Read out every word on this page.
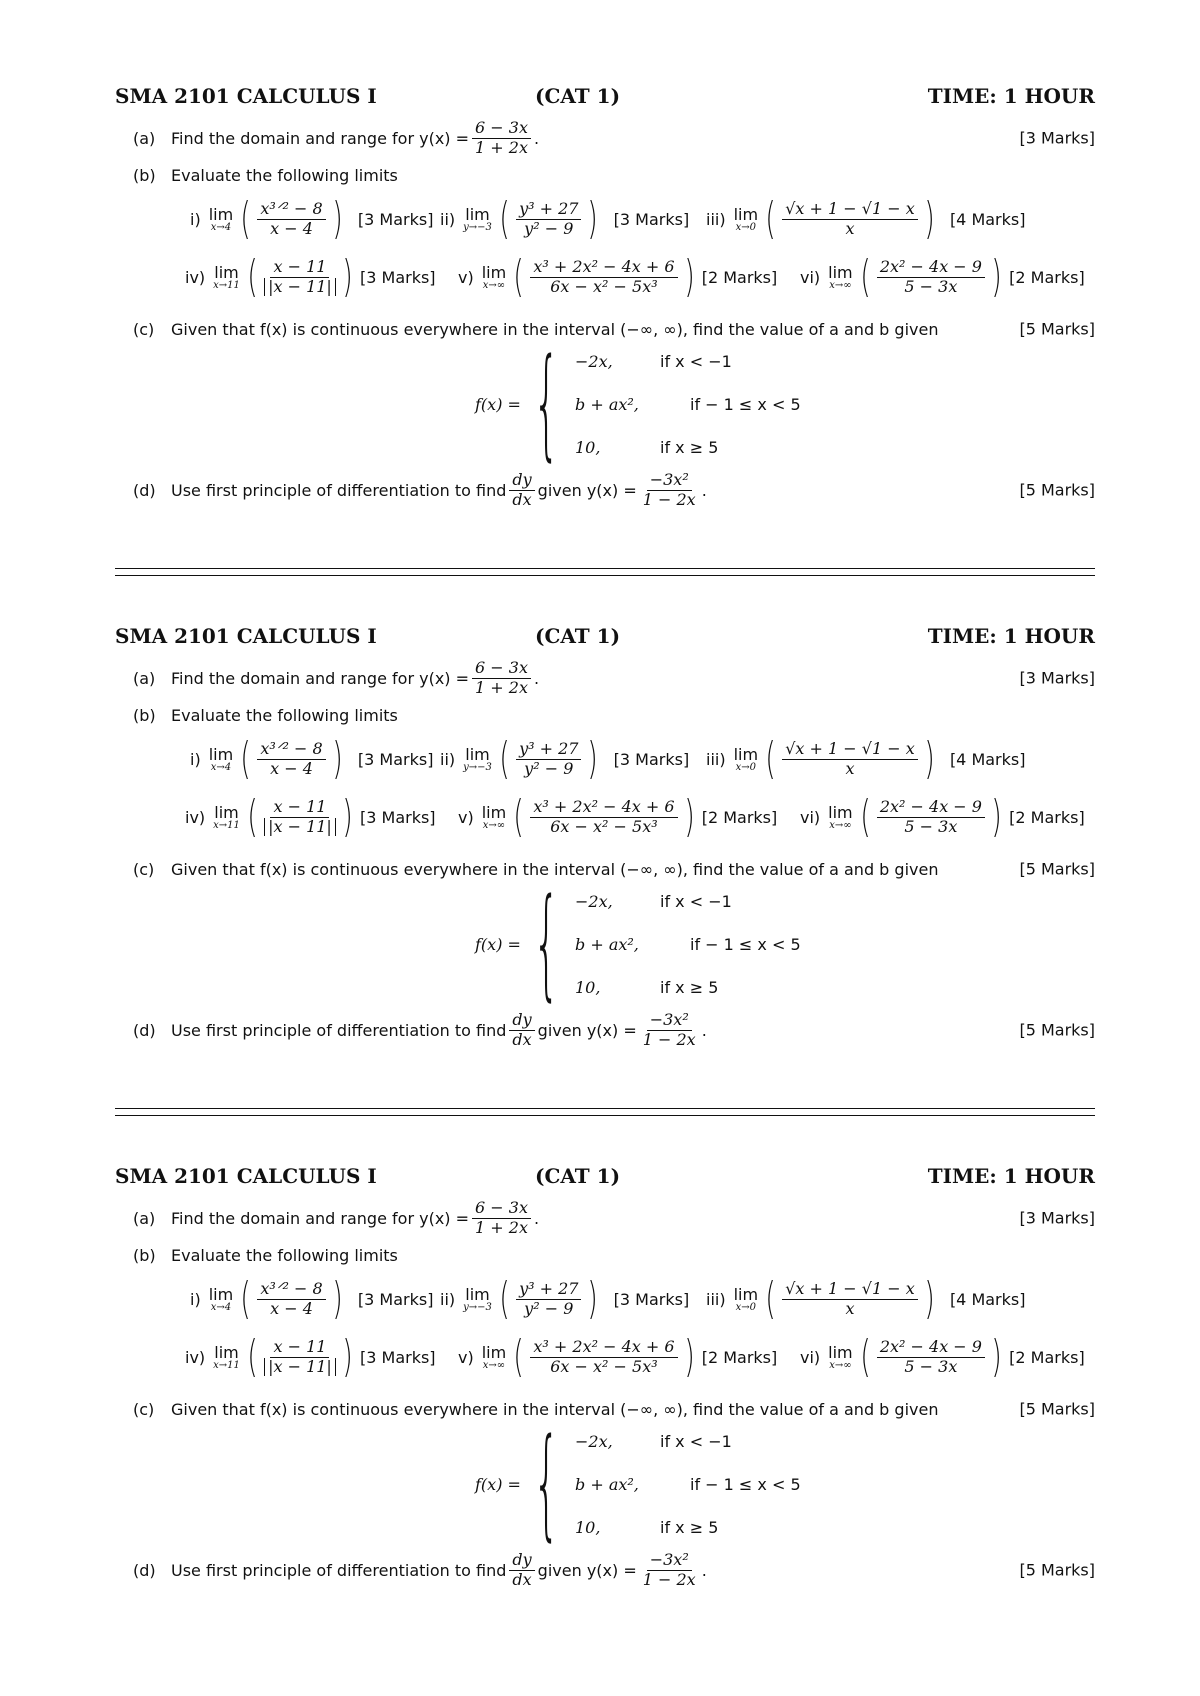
SMA 2101 CALCULUS I	(CAT 1)	TIME: 1 HOUR
(a) Find the domain and range for $y(x) = \frac{6 - 3x}{1 + 2x}$ .	[3 Marks]
(b) Evaluate the following limits
i) lim
x→4 ( $\frac{\text{x³ᐟ² − 8}}{x - 4}$ ) [3 Marks] ii) lim
y→−3 ( $\frac{\text{y³ + 27}}{\text{y² − 9}}$ ) [3 Marks] iii) lim
x→0 ( $\frac{√x + 1 - √1 - x}{x}$ ) [4 Marks]
iv) lim
x→11 ( $\frac{x - 11}{|x - 11|}$ ) [3 Marks] v) lim
x→∞ ( $\frac{\text{x³ + 2x² − 4x + 6}}{\text{6x − x² − 5x³}}$ ) [2 Marks] vi) lim
x→∞ ( $\frac{\text{2x² − 4x − 9}}{5 - 3x}$ ) [2 Marks]
(c)	Given that f(x) is continuous everywhere in the interval (−∞, ∞), find the value of a and b given	[5 Marks]
f(x) = { −2x,	if x < −1
b + ax²,	if − 1 ≤ x < 5
10,	if x ≥ 5
(d) Use first principle of differentiation to find $\frac{dy}{dx}$ given $y(x) = \frac{\text{−3x²}}{1 - 2x}$ .	[5 Marks]
SMA 2101 CALCULUS I	(CAT 1)	TIME: 1 HOUR
(a) Find the domain and range for $y(x) = \frac{6 - 3x}{1 + 2x}$ .	[3 Marks]
(b) Evaluate the following limits
i) lim
x→4 ( $\frac{\text{x³ᐟ² − 8}}{x - 4}$ ) [3 Marks] ii) lim
y→−3 ( $\frac{\text{y³ + 27}}{\text{y² − 9}}$ ) [3 Marks] iii) lim
x→0 ( $\frac{√x + 1 - √1 - x}{x}$ ) [4 Marks]
iv) lim
x→11 ( $\frac{x - 11}{|x - 11|}$ ) [3 Marks] v) lim
x→∞ ( $\frac{\text{x³ + 2x² − 4x + 6}}{\text{6x − x² − 5x³}}$ ) [2 Marks] vi) lim
x→∞ ( $\frac{\text{2x² − 4x − 9}}{5 - 3x}$ ) [2 Marks]
(c)	Given that f(x) is continuous everywhere in the interval (−∞, ∞), find the value of a and b given	[5 Marks]
f(x) = { −2x,	if x < −1
b + ax²,	if − 1 ≤ x < 5
10,	if x ≥ 5
(d) Use first principle of differentiation to find $\frac{dy}{dx}$ given $y(x) = \frac{\text{−3x²}}{1 - 2x}$ .	[5 Marks]
SMA 2101 CALCULUS I	(CAT 1)	TIME: 1 HOUR
(a) Find the domain and range for $y(x) = \frac{6 - 3x}{1 + 2x}$ .	[3 Marks]
(b) Evaluate the following limits
i) lim
x→4 ( $\frac{\text{x³ᐟ² − 8}}{x - 4}$ ) [3 Marks] ii) lim
y→−3 ( $\frac{\text{y³ + 27}}{\text{y² − 9}}$ ) [3 Marks] iii) lim
x→0 ( $\frac{√x + 1 - √1 - x}{x}$ ) [4 Marks]
iv) lim
x→11 ( $\frac{x - 11}{|x - 11|}$ ) [3 Marks] v) lim
x→∞ ( $\frac{\text{x³ + 2x² − 4x + 6}}{\text{6x − x² − 5x³}}$ ) [2 Marks] vi) lim
x→∞ ( $\frac{\text{2x² − 4x − 9}}{5 - 3x}$ ) [2 Marks]
(c)	Given that f(x) is continuous everywhere in the interval (−∞, ∞), find the value of a and b given	[5 Marks]
f(x) = { −2x,	if x < −1
b + ax²,	if − 1 ≤ x < 5
10,	if x ≥ 5
(d) Use first principle of differentiation to find $\frac{dy}{dx}$ given $y(x) = \frac{\text{−3x²}}{1 - 2x}$ .	[5 Marks]
